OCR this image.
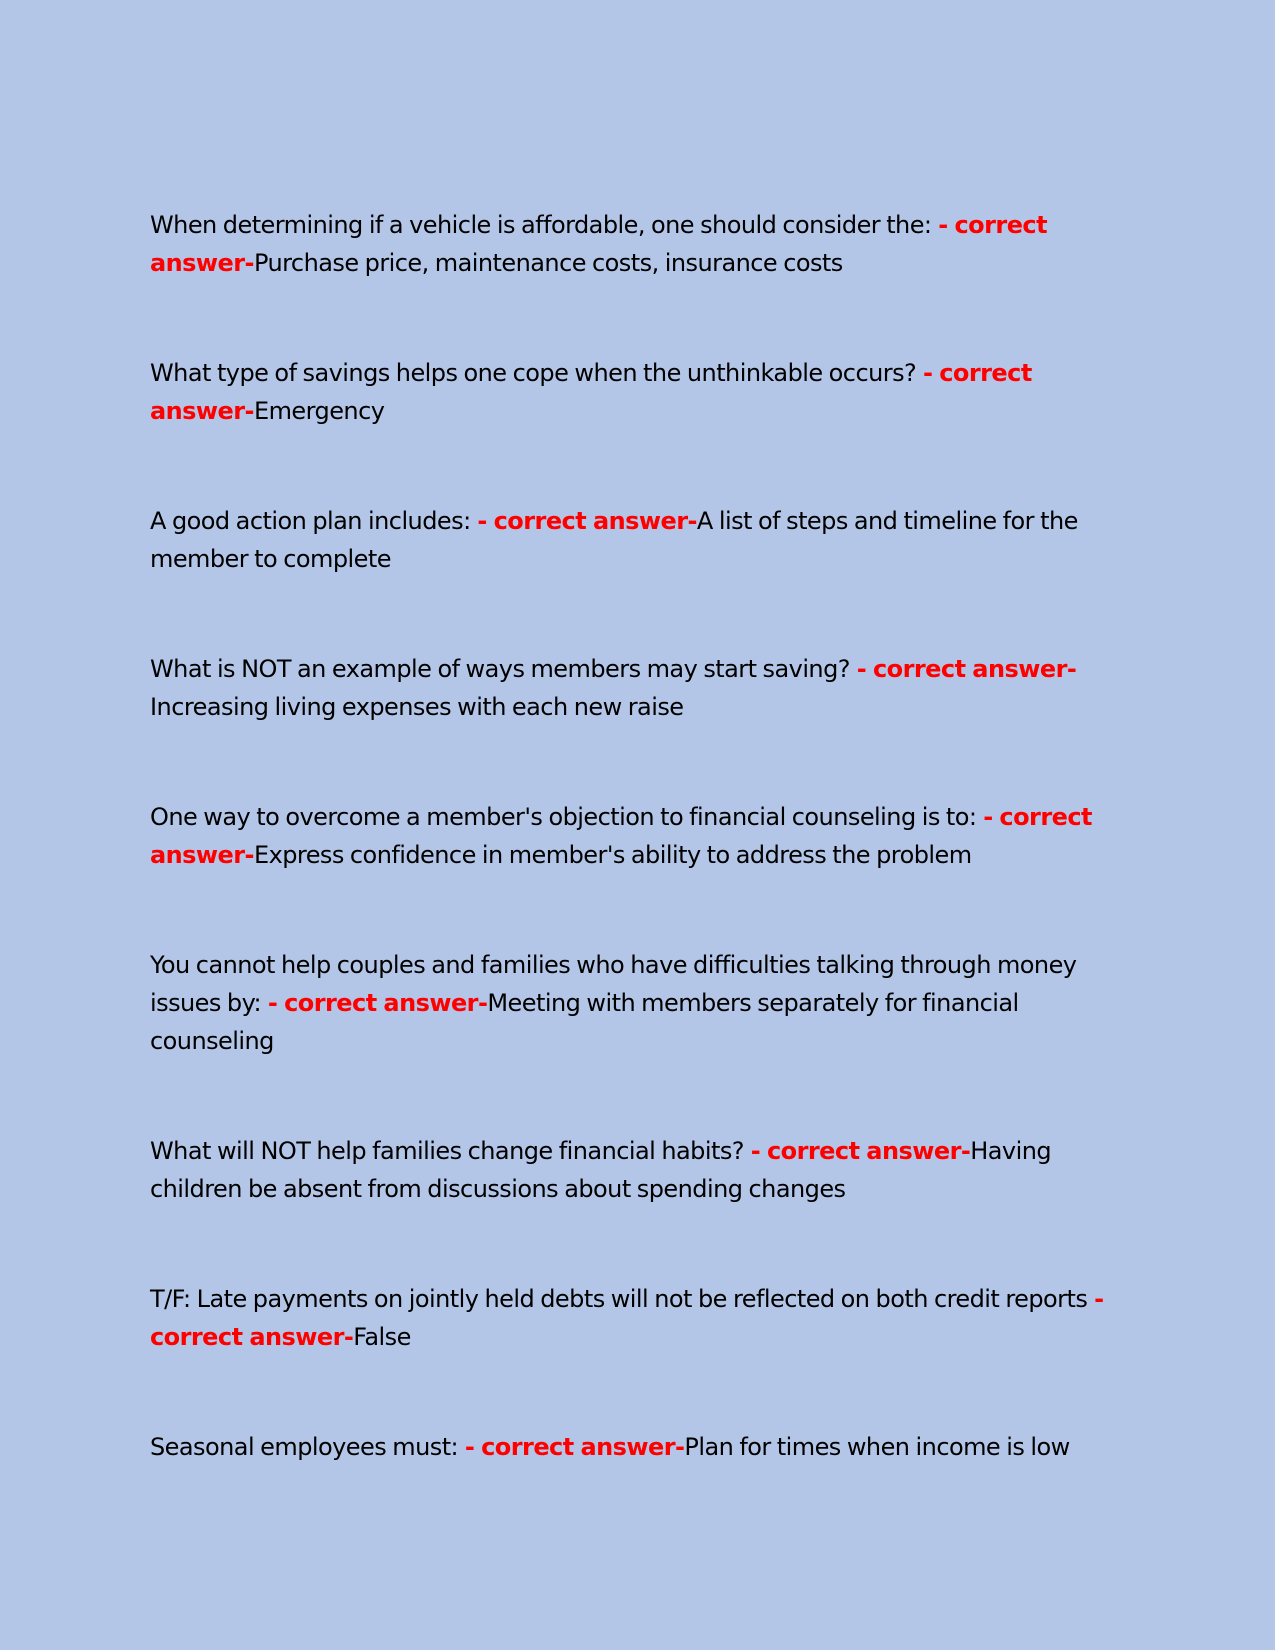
When determining if a vehicle is affordable, one should consider the: - correct answer-Purchase price, maintenance costs, insurance costs

What type of savings helps one cope when the unthinkable occurs? - correct answer-Emergency

A good action plan includes: - correct answer-A list of steps and timeline for the member to complete

What is NOT an example of ways members may start saving? - correct answer-Increasing living expenses with each new raise

One way to overcome a member's objection to financial counseling is to: - correct answer-Express confidence in member's ability to address the problem

You cannot help couples and families who have difficulties talking through money issues by: - correct answer-Meeting with members separately for financial counseling

What will NOT help families change financial habits? - correct answer-Having children be absent from discussions about spending changes

T/F: Late payments on jointly held debts will not be reflected on both credit reports - correct answer-False

Seasonal employees must: - correct answer-Plan for times when income is low
